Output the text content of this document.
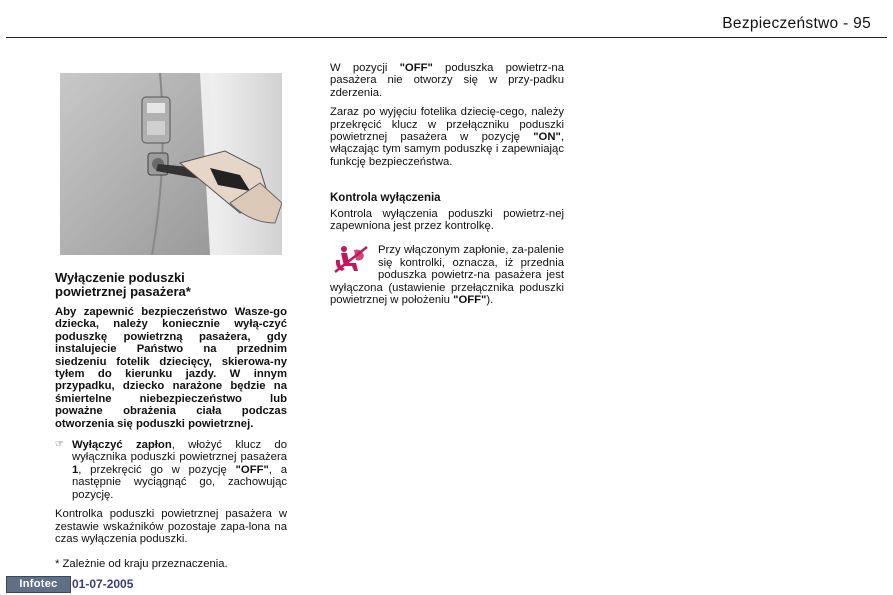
Bezpieczeństwo - 95
Wyłączenie poduszki
powietrznej pasażera*

Aby zapewnić bezpieczeństwo Wasze-go dziecka, należy koniecznie wyłą-czyć poduszkę powietrzną pasażera, gdy instalujecie Państwo na przednim siedzeniu fotelik dziecięcy, skierowa-ny tyłem do kierunku jazdy. W innym przypadku, dziecko narażone będzie na śmiertelne niebezpieczeństwo lub poważne obrażenia ciała podczas otworzenia się poduszki powietrznej.

☞ Wyłączyć zapłon, włożyć klucz do wyłącznika poduszki powietrznej pasażera 1, przekręcić go w pozycję "OFF", a następnie wyciągnąć go, zachowując pozycję.

Kontrolka poduszki powietrznej pasażera w zestawie wskaźników pozostaje zapa-lona na czas wyłączenia poduszki.

W pozycji "OFF" poduszka powietrz-na pasażera nie otworzy się w przy-padku zderzenia.

Zaraz po wyjęciu fotelika dziecię-cego, należy przekręcić klucz w przełączniku poduszki powietrznej pasażera w pozycję "ON", włączając tym samym poduszkę i zapewniając funkcję bezpieczeństwa.

Kontrola wyłączenia

Kontrola wyłączenia poduszki powietrz-nej zapewniona jest przez kontrolkę.

Przy włączonym zapłonie, za-palenie się kontrolki, oznacza, iż przednia poduszka powietrz-na pasażera jest wyłączona (ustawienie przełącznika poduszki powietrznej w położeniu "OFF").

* Zależnie od kraju przeznaczenia.
Infotec	01-07-2005
